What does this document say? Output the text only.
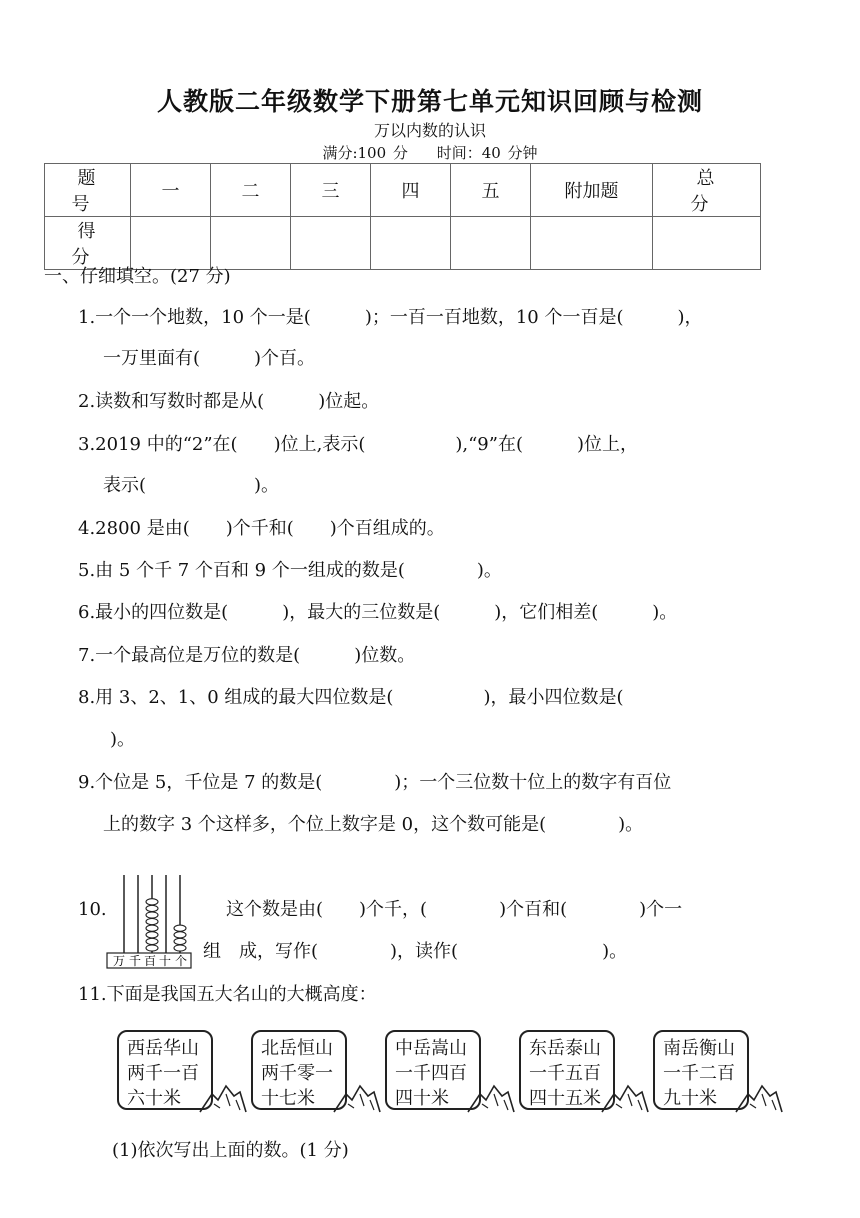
人教版二年级数学下册第七单元知识回顾与检测
万以内数的认识
满分:100 分 时间：40 分钟
题　号	一	二	三	四	五	附加题	总　分
得　分							
一、仔细填空。(27 分)
1.一个一个地数，10 个一是(　　　)；一百一百地数，10 个一百是(　　　)，
一万里面有(　　　)个百。
2.读数和写数时都是从(　　　)位起。
3.2019 中的“2”在(　　)位上,表示(　　　　　),“9”在(　　　)位上，
表示(　　　　　　)。
4.2800 是由(　　)个千和(　　)个百组成的。
5.由 5 个千 7 个百和 9 个一组成的数是(　　　　)。
6.最小的四位数是(　　　)，最大的三位数是(　　　)，它们相差(　　　)。
7.一个最高位是万位的数是(　　　)位数。
8.用 3、2、1、0 组成的最大四位数是(　　　　　)，最小四位数是(
)。
9.个位是 5，千位是 7 的数是(　　　　)；一个三位数十位上的数字有百位
上的数字 3 个这样多，个位上数字是 0，这个数可能是(　　　　)。
10.
万 千 百 十 个
这个数是由(　　)个千，(　　　　)个百和(　　　　)个一
组　成，写作(　　　　)，读作(　　　　　　　　)。
11.下面是我国五大名山的大概高度：
西岳华山
两千一百
六十米
北岳恒山
两千零一
十七米
中岳嵩山
一千四百
四十米
东岳泰山
一千五百
四十五米
南岳衡山
一千二百
九十米
(1)依次写出上面的数。(1 分)
